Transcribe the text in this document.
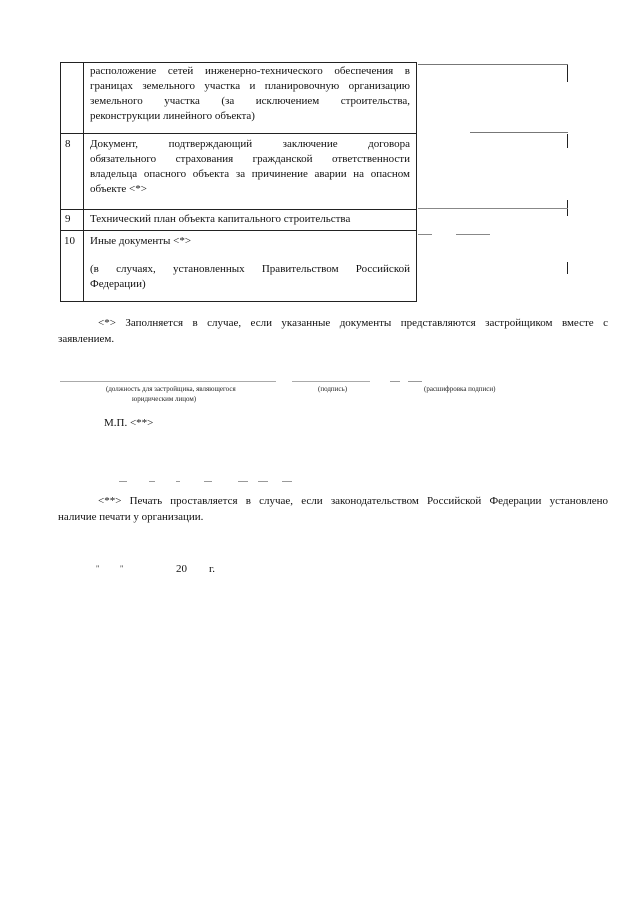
расположение сетей инженерно-технического обеспечения в
границах земельного участка и планировочную организацию
земельного участка (за исключением строительства,
реконструкции линейного объекта)
8 Документ, подтверждающий заключение договора
обязательного страхования гражданской ответственности
владельца опасного объекта за причинение аварии на опасном
объекте <*>
9 Технический план объекта капитального строительства
10 Иные документы <*>
(в случаях, установленных Правительством Российской
Федерации)
<*> Заполняется в случае, если указанные документы представляются застройщиком вместе с
заявлением.
(должность для застройщика, являющегося
юридическим лицом)
(подпись)	(расшифровка подписи)
М.П. <**>
<**> Печать проставляется в случае, если законодательством Российской Федерации установлено
наличие печати у организации.
"	"	20 г.
